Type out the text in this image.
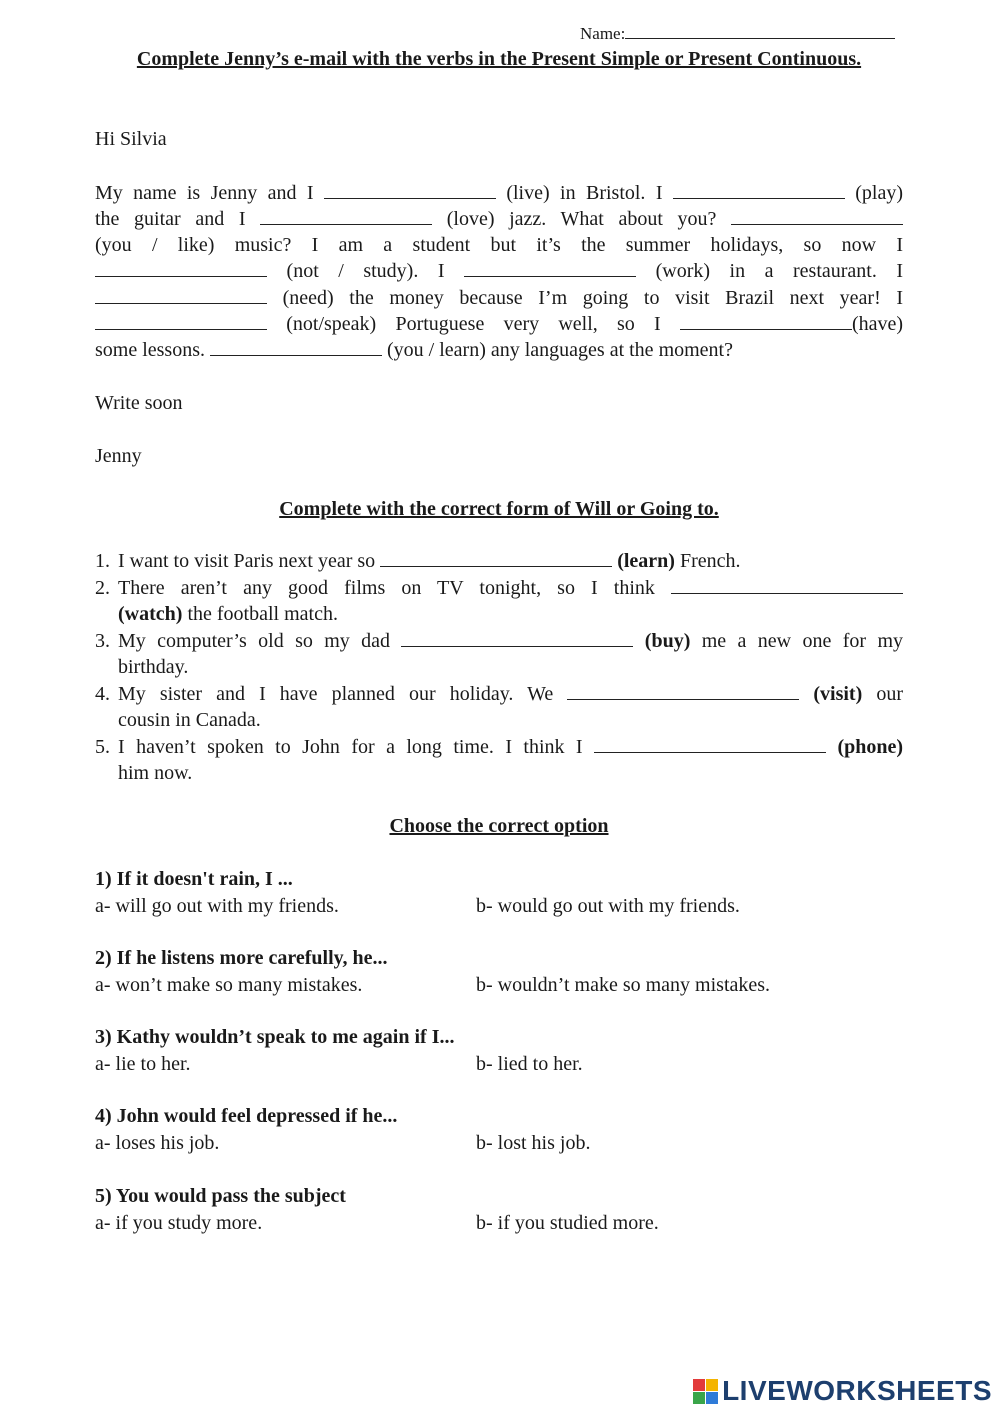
Name:
Complete Jenny’s e-mail with the verbs in the Present Simple or Present Continuous.
Hi Silvia
My name is Jenny and I	(live) in Bristol. I	(play)
the guitar and I	(love) jazz. What about you?
(you / like) music? I am a student but it’s the summer holidays, so now I
(not / study). I	(work) in a restaurant. I
(need) the money because I’m going to visit Brazil next year! I
(not/speak) Portuguese very well, so I	(have)
some lessons.	(you / learn) any languages at the moment?
Write soon
Jenny
Complete with the correct form of Will or Going to.
1. I want to visit Paris next year so	(learn) French.
2. There aren’t any good films on TV tonight, so I think
(watch) the football match.
3. My computer’s old so my dad	(buy) me a new one for my
birthday.
4. My sister and I have planned our holiday. We	(visit) our
cousin in Canada.
5. I haven’t spoken to John for a long time. I think I	(phone)
him now.
Choose the correct option
1) If it doesn't rain, I ...
a- will go out with my friends.	b- would go out with my friends.
2) If he listens more carefully, he...
a- won’t make so many mistakes.	b- wouldn’t make so many mistakes.
3) Kathy wouldn’t speak to me again if I...
a- lie to her.	b- lied to her.
4) John would feel depressed if he...
a- loses his job.	b- lost his job.
5) You would pass the subject
a- if you study more.	b- if you studied more.
LIVEWORKSHEETS
